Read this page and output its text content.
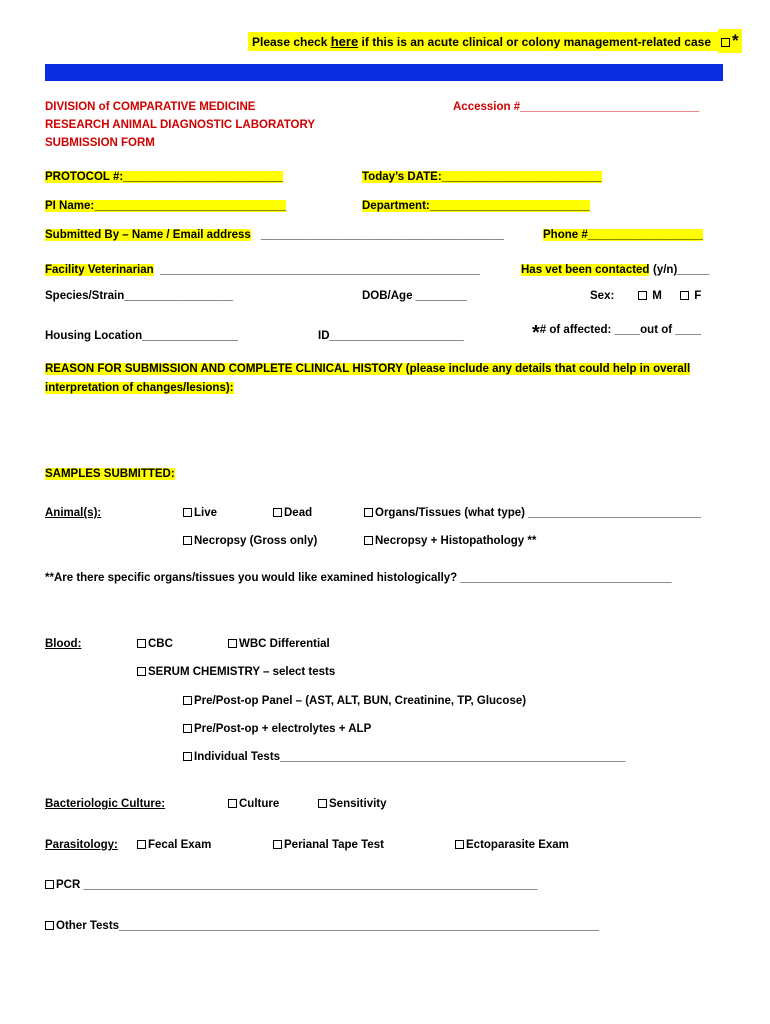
Please check here if this is an acute clinical or colony management-related case	*
DIVISION of COMPARATIVE MEDICINE
RESEARCH ANIMAL DIAGNOSTIC LABORATORY
SUBMISSION FORM
Accession #____________________________
PROTOCOL #:_________________________	Today’s DATE:_________________________
PI Name:______________________________	Department:_________________________
Submitted By – Name / Email address ______________________________________	Phone #__________________
Facility Veterinarian __________________________________________________	Has vet been contacted (y/n)_____
Species/Strain_________________	DOB/Age ________	Sex:	M	F
Housing Location_______________	ID_____________________	*# of affected: ____out of ____
REASON FOR SUBMISSION AND COMPLETE CLINICAL HISTORY (please include any details that could help in overall
interpretation of changes/lesions):
SAMPLES SUBMITTED:
Animal(s):	Live	Dead	Organs/Tissues (what type) ___________________________
Necropsy (Gross only)	Necropsy + Histopathology **
**Are there specific organs/tissues you would like examined histologically? _________________________________
Blood:	CBC	WBC Differential
SERUM CHEMISTRY – select tests
Pre/Post-op Panel – (AST, ALT, BUN, Creatinine, TP, Glucose)
Pre/Post-op + electrolytes + ALP
Individual Tests______________________________________________________
Bacteriologic Culture:	Culture	Sensitivity
Parasitology:	Fecal Exam	Perianal Tape Test	Ectoparasite Exam
PCR _______________________________________________________________________
Other Tests___________________________________________________________________________
